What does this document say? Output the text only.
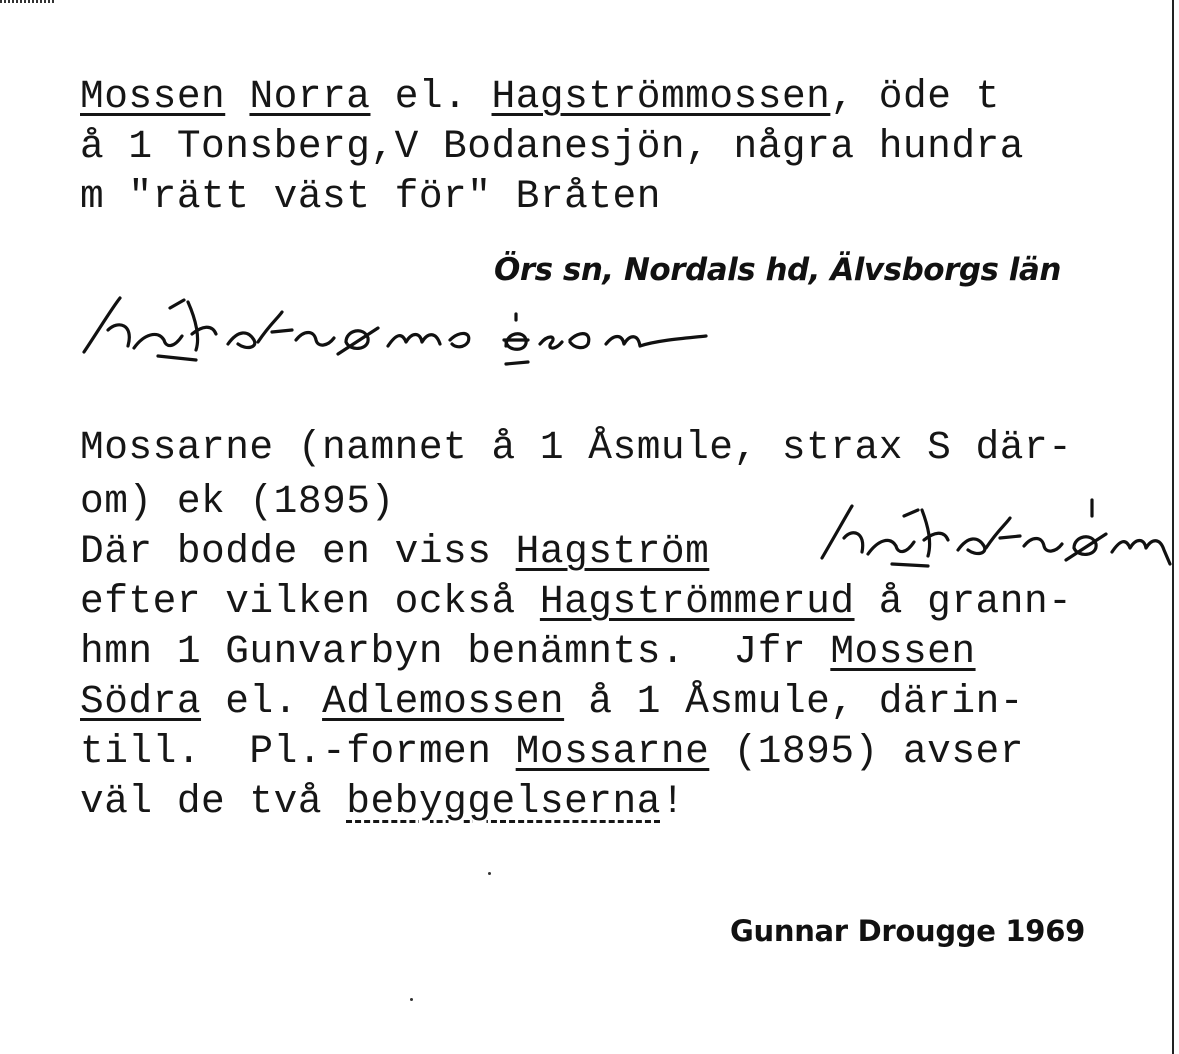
Mossen Norra el. Hagströmmossen, öde t
å 1 Tonsberg,V Bodanesjön, några hundra
m "rätt väst för" Bråten
Örs sn, Nordals hd, Älvsborgs län
Mossarne (namnet å 1 Åsmule, strax S där-
om) ek (1895)
Där bodde en viss Hagström
efter vilken också Hagströmmerud å grann-
hmn 1 Gunvarbyn benämnts.  Jfr Mossen
Södra el. Adlemossen å 1 Åsmule, därin-
till.  Pl.-formen Mossarne (1895) avser
väl de två bebyggelserna!
Gunnar Drougge 1969
